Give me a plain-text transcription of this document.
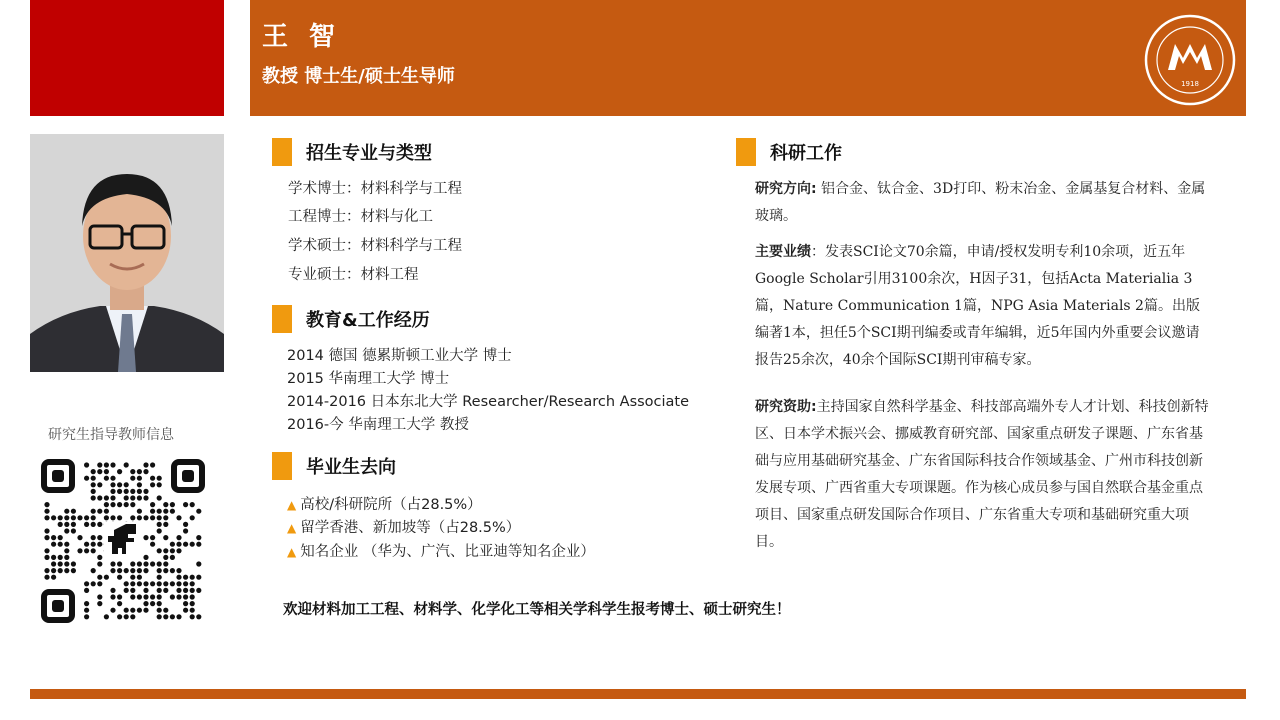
王 智
教授 博士生/硕士生导师	1918
研究生指导教师信息
招生专业与类型
学术博士：材料科学与工程
工程博士：材料与化工
学术硕士：材料科学与工程
专业硕士：材料工程
教育&工作经历
2014 德国 德累斯顿工业大学 博士
2015 华南理工大学 博士
2014-2016 日本东北大学 Researcher/Research Associate
2016-今 华南理工大学 教授
毕业生去向
▲ 高校/科研院所（占28.5%）
▲ 留学香港、新加坡等（占28.5%）
▲ 知名企业 （华为、广汽、比亚迪等知名企业）
科研工作
研究方向: 铝合金、钛合金、3D打印、粉末冶金、金属基复合材料、金属玻璃。
主要业绩：发表SCI论文70余篇，申请/授权发明专利10余项，近五年Google Scholar引用3100余次，H因子31，包括Acta Materialia 3篇，Nature Communication 1篇，NPG Asia Materials 2篇。出版编著1本，担任5个SCI期刊编委或青年编辑，近5年国内外重要会议邀请报告25余次，40余个国际SCI期刊审稿专家。
研究资助:主持国家自然科学基金、科技部高端外专人才计划、科技创新特区、日本学术振兴会、挪威教育研究部、国家重点研发子课题、广东省基础与应用基础研究基金、广东省国际科技合作领域基金、广州市科技创新发展专项、广西省重大专项课题。作为核心成员参与国自然联合基金重点项目、国家重点研发国际合作项目、广东省重大专项和基础研究重大项目。
欢迎材料加工工程、材料学、化学化工等相关学科学生报考博士、硕士研究生！
